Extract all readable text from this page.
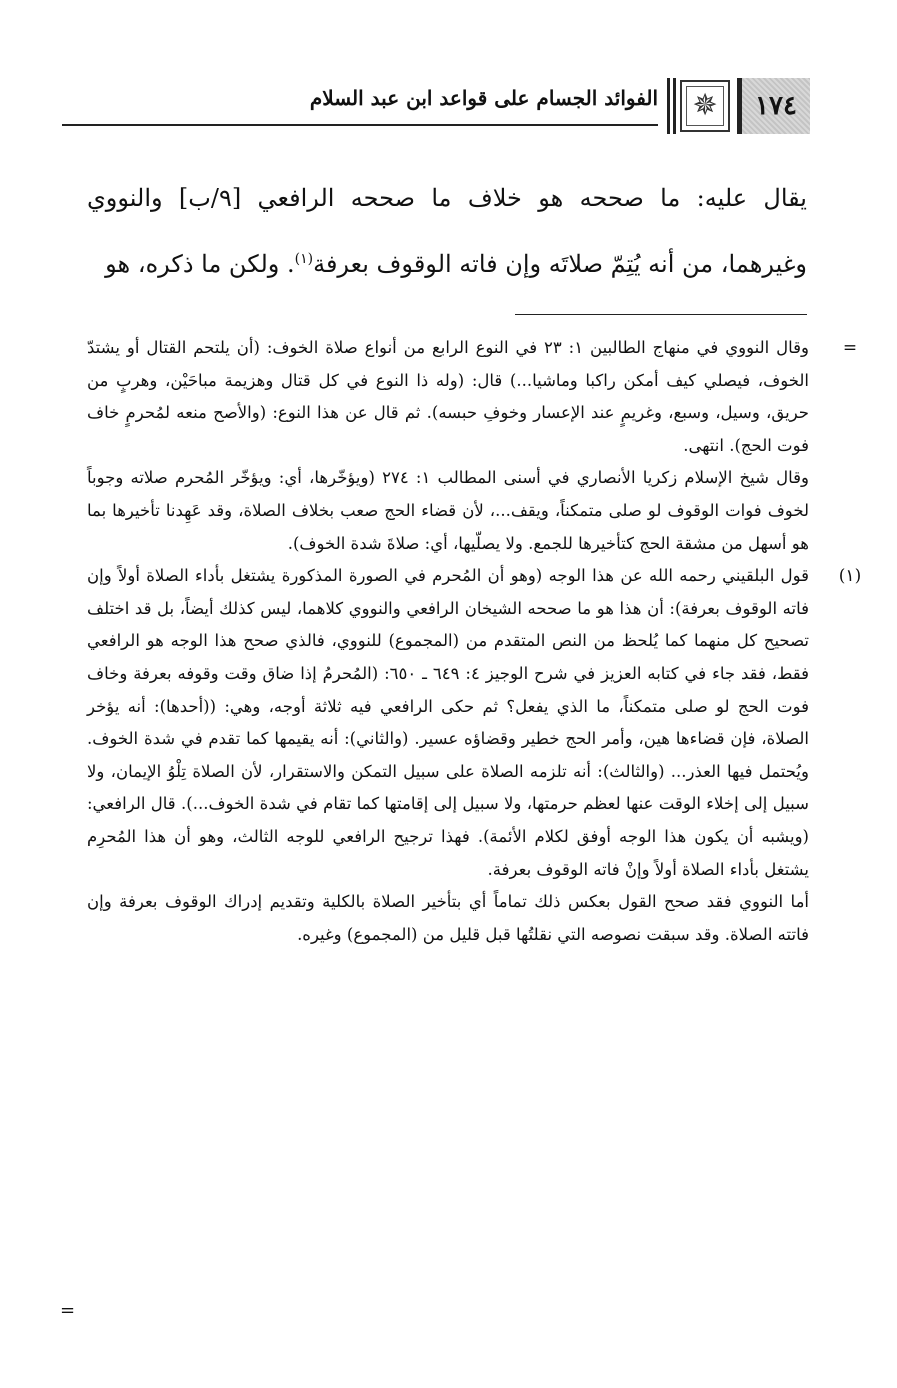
١٧٤
✵
الفوائد الجسام على قواعد ابن عبد السلام

يقال عليه: ما صححه هو خلاف ما صححه الرافعي [٩/ب] والنووي وغيرهما، من أنه يُتِمّ صلاتَه وإن فاته الوقوف بعرفة$^{(١)}$. ولكن ما ذكره، هو

=

وقال النووي في منهاج الطالبين ١: ٢٣ في النوع الرابع من أنواع صلاة الخوف: (أن يلتحم القتال أو يشتدّ الخوف، فيصلي كيف أمكن راكبا وماشيا...) قال: (وله ذا النوع في كل قتال وهزيمة مباحَيْن، وهربٍ من حريق، وسيل، وسبع، وغريمٍ عند الإعسار وخوفِ حبسه). ثم قال عن هذا النوع: (والأصح منعه لمُحرمٍ خاف فوت الحج). انتهى.

وقال شيخ الإسلام زكريا الأنصاري في أسنى المطالب ١: ٢٧٤ (ويؤخّرها، أي: ويؤخّر المُحرم صلاته وجوباً لخوف فوات الوقوف لو صلى متمكناً، ويقف...، لأن قضاء الحج صعب بخلاف الصلاة، وقد عَهِدنا تأخيرها بما هو أسهل من مشقة الحج كتأخيرها للجمع. ولا يصلّيها، أي: صلاةَ شدة الخوف).

(١)

قول البلقيني رحمه الله عن هذا الوجه (وهو أن المُحرم في الصورة المذكورة يشتغل بأداء الصلاة أولاً وإن فاته الوقوف بعرفة): أن هذا هو ما صححه الشيخان الرافعي والنووي كلاهما، ليس كذلك أيضاً، بل قد اختلف تصحيح كل منهما كما يُلحظ من النص المتقدم من (المجموع) للنووي، فالذي صحح هذا الوجه هو الرافعي فقط، فقد جاء في كتابه العزيز في شرح الوجيز ٤: ٦٤٩ ـ ٦٥٠: (المُحرمُ إذا ضاق وقت وقوفه بعرفة وخاف فوت الحج لو صلى متمكناً، ما الذي يفعل؟ ثم حكى الرافعي فيه ثلاثة أوجه، وهي: ((أحدها): أنه يؤخر الصلاة، فإن قضاءها هين، وأمر الحج خطير وقضاؤه عسير. (والثاني): أنه يقيمها كما تقدم في شدة الخوف. ويُحتمل فيها العذر... (والثالث): أنه تلزمه الصلاة على سبيل التمكن والاستقرار، لأن الصلاة تِلْوُ الإيمان، ولا سبيل إلى إخلاء الوقت عنها لعظم حرمتها، ولا سبيل إلى إقامتها كما تقام في شدة الخوف...). قال الرافعي: (ويشبه أن يكون هذا الوجه أوفق لكلام الأئمة). فهذا ترجيح الرافعي للوجه الثالث، وهو أن هذا المُحرِم يشتغل بأداء الصلاة أولاً وإنْ فاته الوقوف بعرفة.

أما النووي فقد صحح القول بعكس ذلك تماماً أي بتأخير الصلاة بالكلية وتقديم إدراك الوقوف بعرفة وإن فاتته الصلاة. وقد سبقت نصوصه التي نقلتُها قبل قليل من (المجموع) وغيره.

=
